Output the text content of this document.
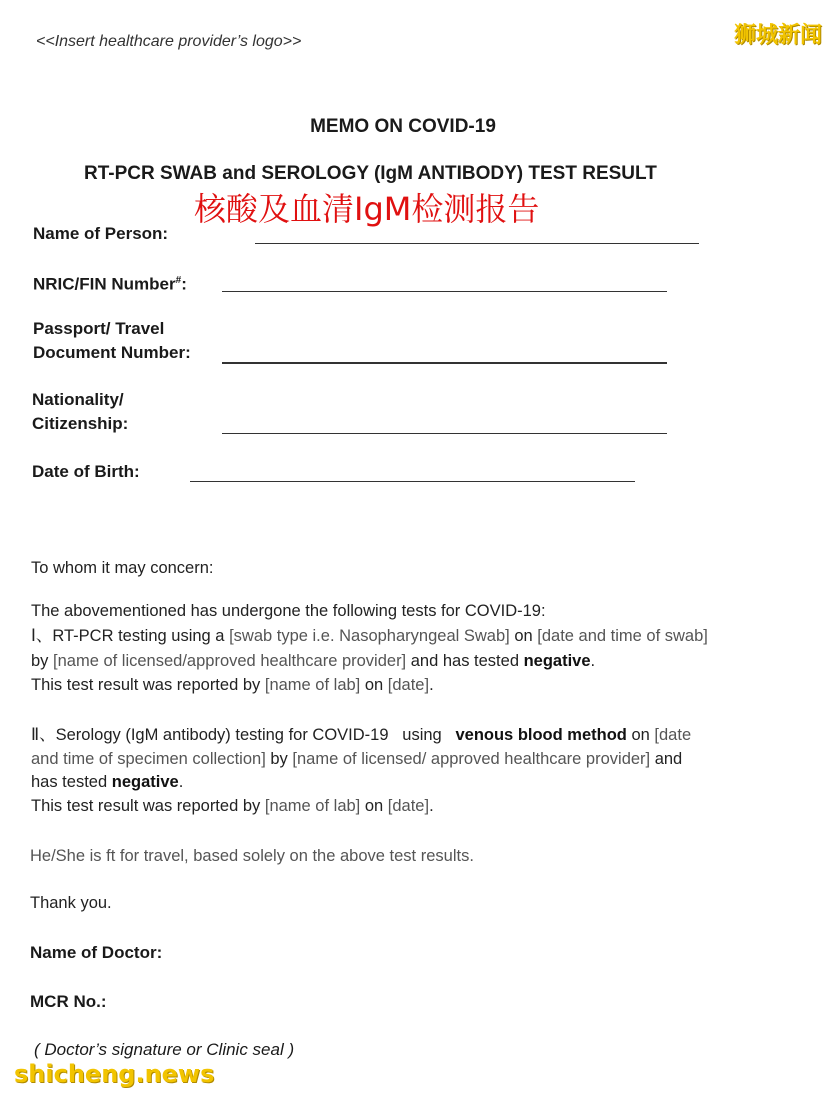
<<Insert healthcare provider’s logo>>	狮城新闻
MEMO ON COVID-19
RT-PCR SWAB and SEROLOGY (IgM ANTIBODY) TEST RESULT
核酸及血清IgM检测报告
Name of Person:
NRIC/FIN Number#:
Passport/ Travel
Document Number:
Nationality/
Citizenship:
Date of Birth:
To whom it may concern:
The abovementioned has undergone the following tests for COVID-19:
Ⅰ、RT-PCR testing using a [swab type i.e. Nasopharyngeal Swab] on [date and time of swab]
by [name of licensed/approved healthcare provider] and has tested negative.
This test result was reported by [name of lab] on [date].
Ⅱ、Serology (IgM antibody) testing for COVID-19   using   venous blood method on [date
and time of specimen collection] by [name of licensed/ approved healthcare provider] and
has tested negative.
This test result was reported by [name of lab] on [date].
He/She is ft for travel, based solely on the above test results.
Thank you.
Name of Doctor:
MCR No.:
( Doctor’s signature or Clinic seal )
shicheng.news
